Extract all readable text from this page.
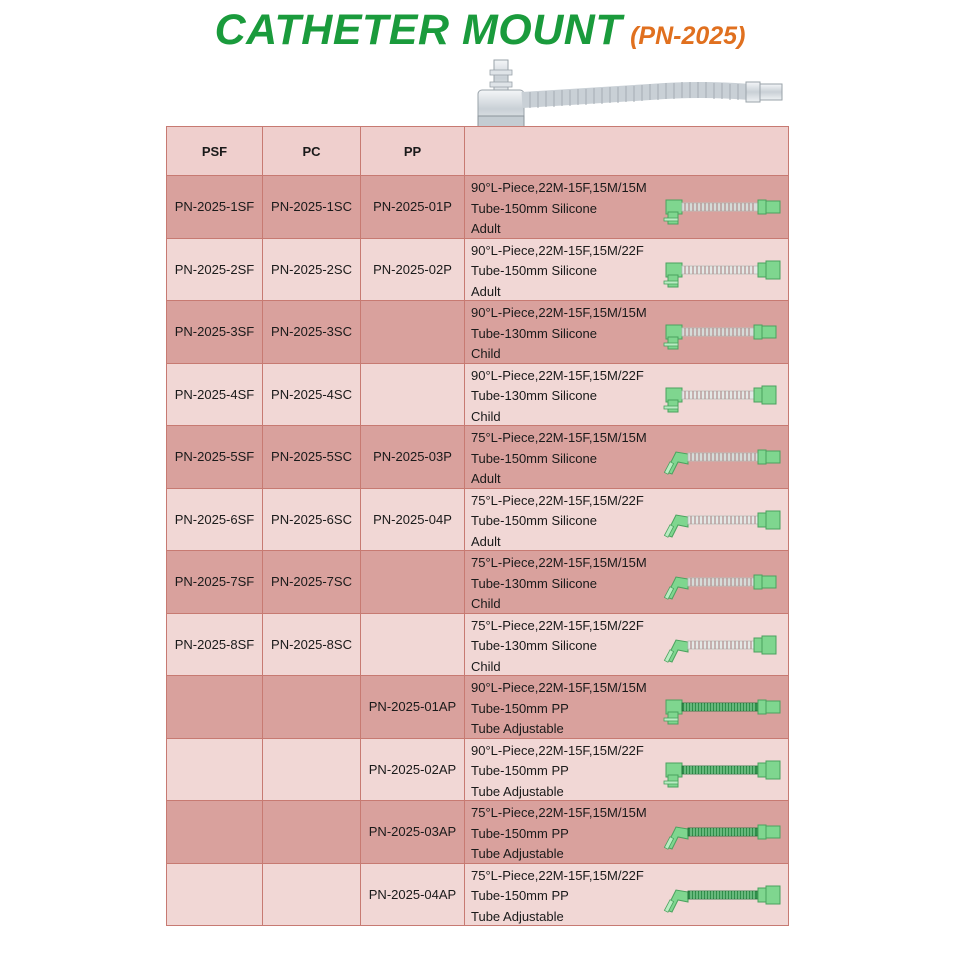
CATHETER MOUNT (PN-2025)
PSF	PC	PP	
PN-2025-1SF	PN-2025-1SC	PN-2025-01P	90°L-Piece,22M-15F,15M/15M
Tube-150mm Silicone
Adult

PN-2025-2SF	PN-2025-2SC	PN-2025-02P	90°L-Piece,22M-15F,15M/22F
Tube-150mm Silicone
Adult

PN-2025-3SF	PN-2025-3SC		90°L-Piece,22M-15F,15M/15M
Tube-130mm Silicone
Child

PN-2025-4SF	PN-2025-4SC		90°L-Piece,22M-15F,15M/22F
Tube-130mm Silicone
Child

PN-2025-5SF	PN-2025-5SC	PN-2025-03P	75°L-Piece,22M-15F,15M/15M
Tube-150mm Silicone
Adult

PN-2025-6SF	PN-2025-6SC	PN-2025-04P	75°L-Piece,22M-15F,15M/22F
Tube-150mm Silicone
Adult

PN-2025-7SF	PN-2025-7SC		75°L-Piece,22M-15F,15M/15M
Tube-130mm Silicone
Child

PN-2025-8SF	PN-2025-8SC		75°L-Piece,22M-15F,15M/22F
Tube-130mm Silicone
Child

		PN-2025-01AP	90°L-Piece,22M-15F,15M/15M
Tube-150mm PP
Tube Adjustable

		PN-2025-02AP	90°L-Piece,22M-15F,15M/22F
Tube-150mm PP
Tube Adjustable

		PN-2025-03AP	75°L-Piece,22M-15F,15M/15M
Tube-150mm PP
Tube Adjustable

		PN-2025-04AP	75°L-Piece,22M-15F,15M/22F
Tube-150mm PP
Tube Adjustable
